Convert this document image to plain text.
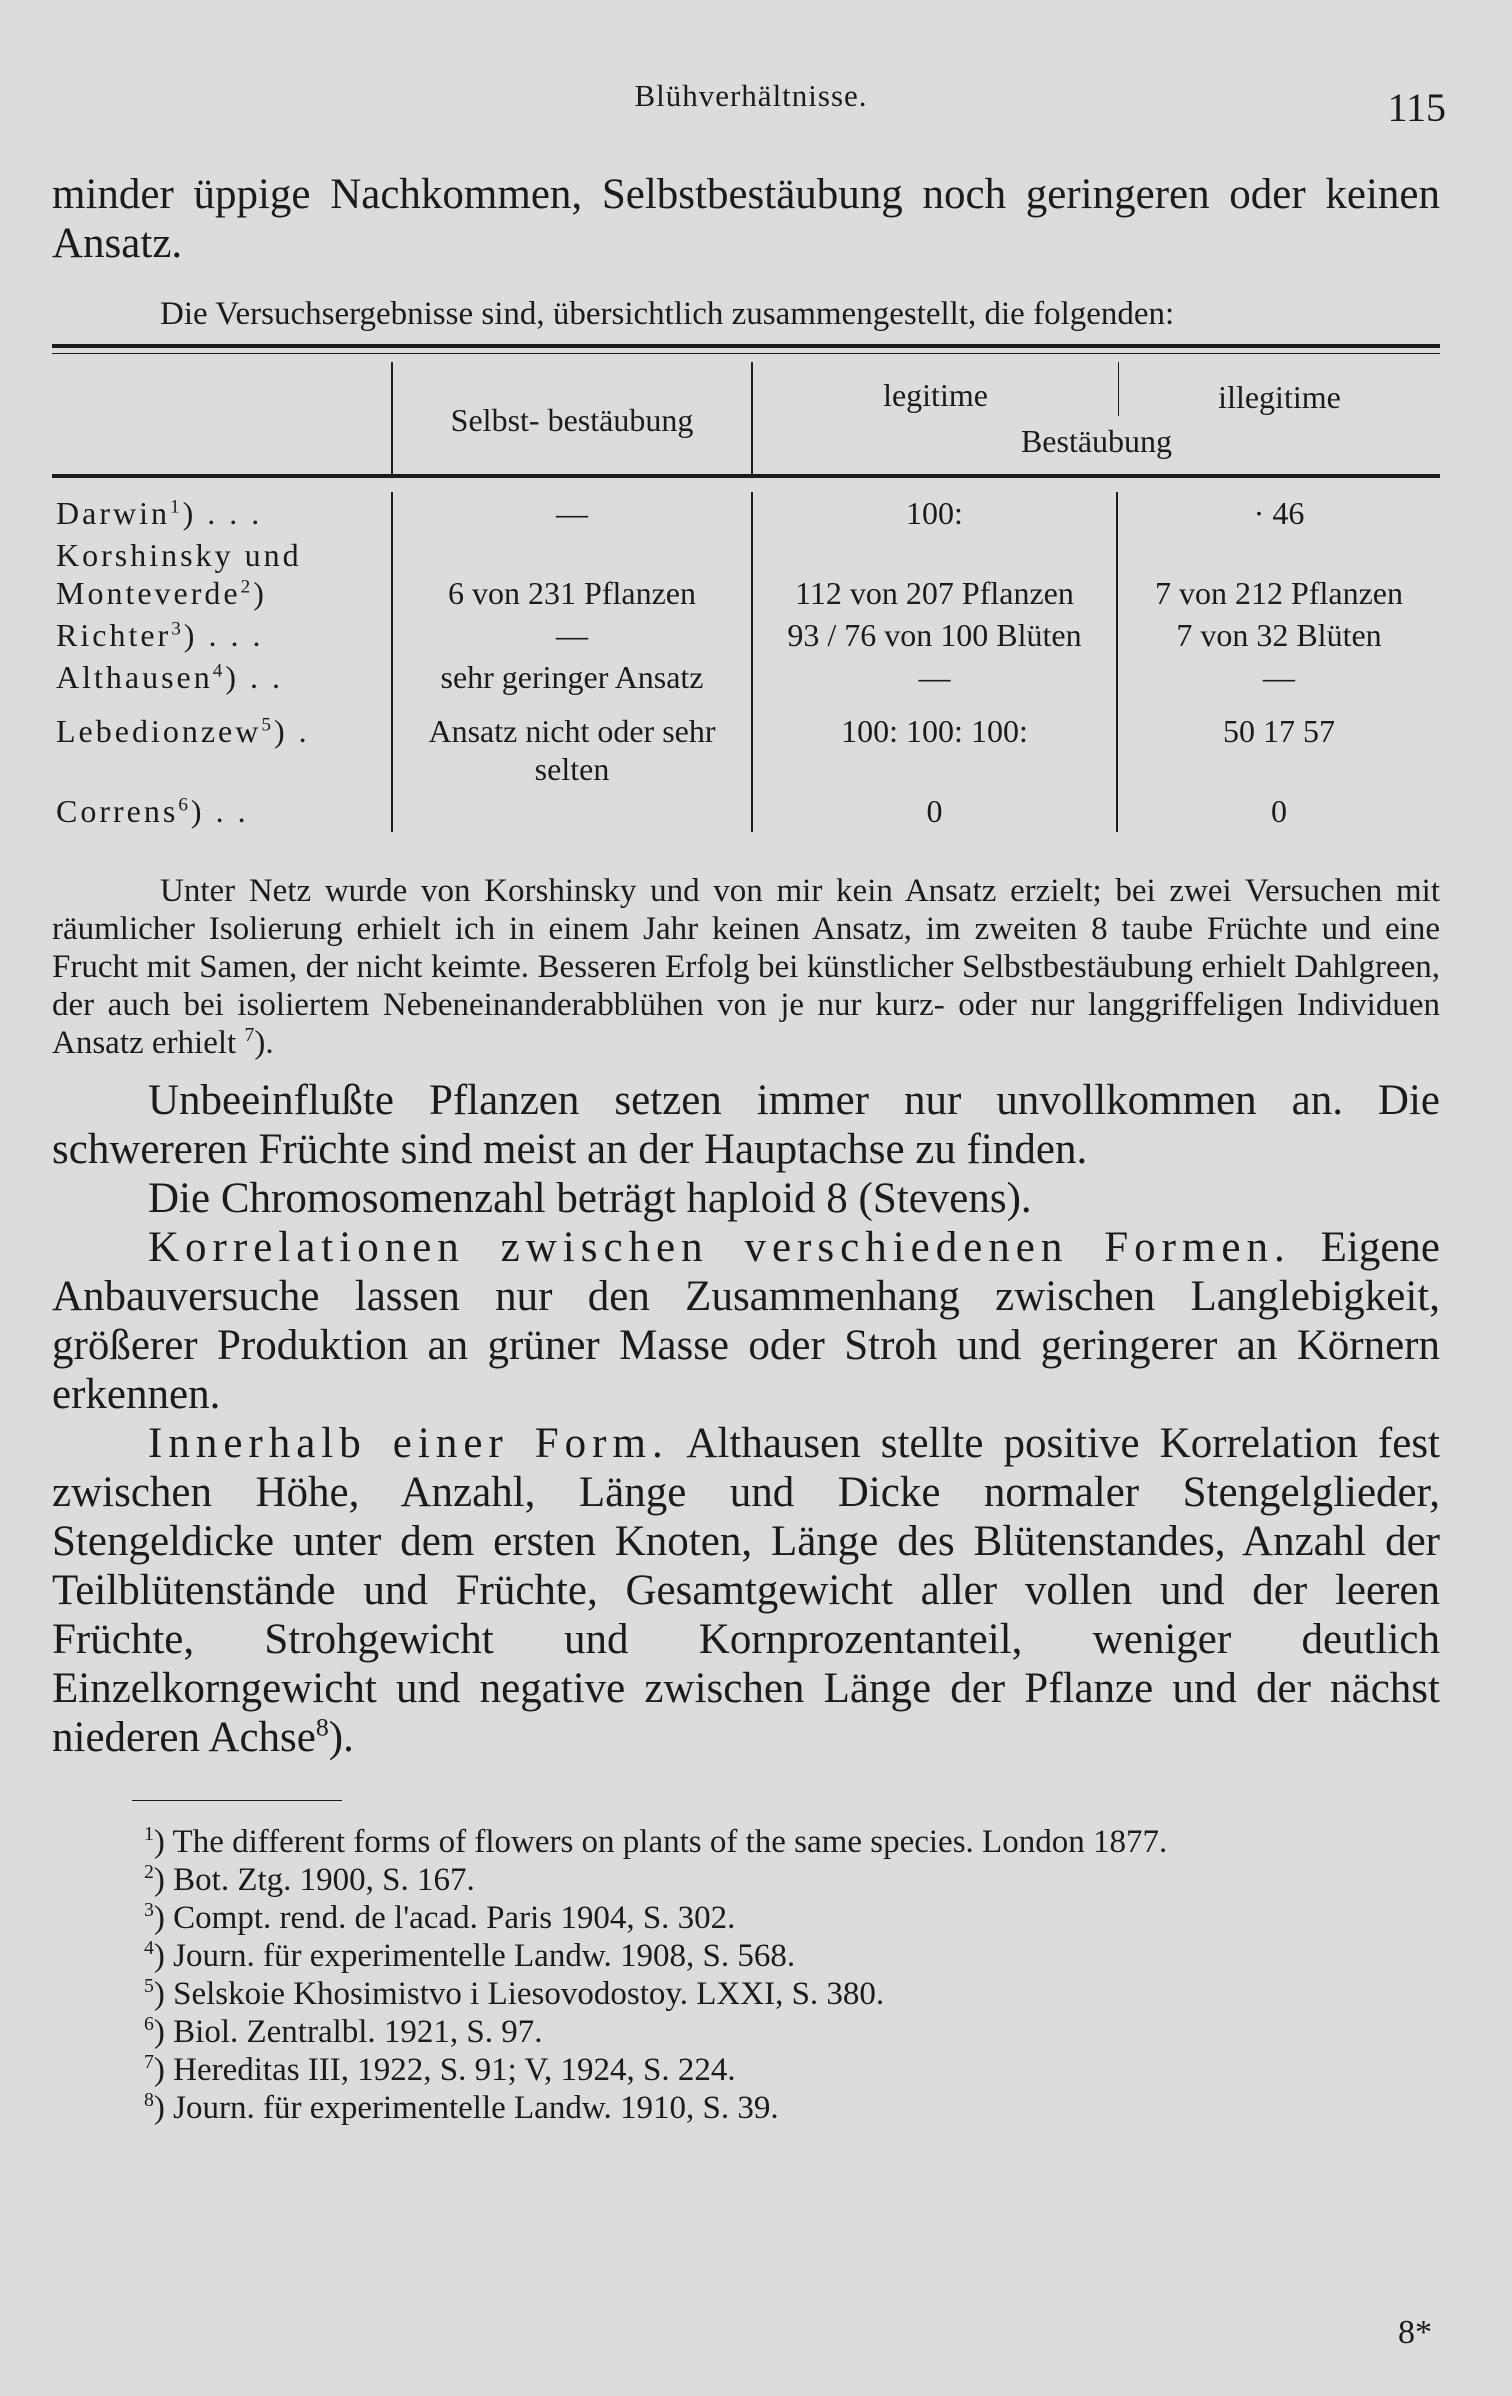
Blühverhältnisse.	115

minder üppige Nachkommen, Selbstbestäubung noch geringeren oder keinen Ansatz.

Die Versuchsergebnisse sind, übersichtlich zusammengestellt, die folgenden:

	Selbst- bestäubung	legitime illegitime
Bestäubung	

Darwin$^1$) . . .	—	100:	· 46
Korshinsky und Monteverde$^2$)	6 von 231 Pflanzen	112 von 207 Pflanzen	7 von 212 Pflanzen
Richter$^3$) . . .	—	93 / 76 von 100 Blüten	7 von 32 Blüten
Althausen$^4$) . .	sehr geringer Ansatz	—	—
Lebedionzew$^5$) .	Ansatz nicht oder sehr selten	100: 100: 100:	50 17 57
Correns$^6$) . .		0	0

Unter Netz wurde von Korshinsky und von mir kein Ansatz erzielt; bei zwei Versuchen mit räumlicher Isolierung erhielt ich in einem Jahr keinen Ansatz, im zweiten 8 taube Früchte und eine Frucht mit Samen, der nicht keimte. Besseren Erfolg bei künstlicher Selbstbestäubung erhielt Dahlgreen, der auch bei isoliertem Nebeneinanderabblühen von je nur kurz- oder nur langgriffeligen Individuen Ansatz erhielt $^7$).

Unbeeinflußte Pflanzen setzen immer nur unvollkommen an. Die schwereren Früchte sind meist an der Hauptachse zu finden.

Die Chromosomenzahl beträgt haploid 8 (Stevens).

Korrelationen zwischen verschiedenen Formen. Eigene Anbauversuche lassen nur den Zusammenhang zwischen Langlebigkeit, größerer Produktion an grüner Masse oder Stroh und geringerer an Körnern erkennen.

Innerhalb einer Form. Althausen stellte positive Korrelation fest zwischen Höhe, Anzahl, Länge und Dicke normaler Stengelglieder, Stengeldicke unter dem ersten Knoten, Länge des Blütenstandes, Anzahl der Teilblütenstände und Früchte, Gesamtgewicht aller vollen und der leeren Früchte, Strohgewicht und Kornprozentanteil, weniger deutlich Einzelkorngewicht und negative zwischen Länge der Pflanze und der nächst niederen Achse$^8$).

$^1$) The different forms of flowers on plants of the same species. London 1877.

$^2$) Bot. Ztg. 1900, S. 167.

$^3$) Compt. rend. de l'acad. Paris 1904, S. 302.

$^4$) Journ. für experimentelle Landw. 1908, S. 568.

$^5$) Selskoie Khosimistvo i Liesovodostoy. LXXI, S. 380.

$^6$) Biol. Zentralbl. 1921, S. 97.

$^7$) Hereditas III, 1922, S. 91; V, 1924, S. 224.

$^8$) Journ. für experimentelle Landw. 1910, S. 39.

8*
